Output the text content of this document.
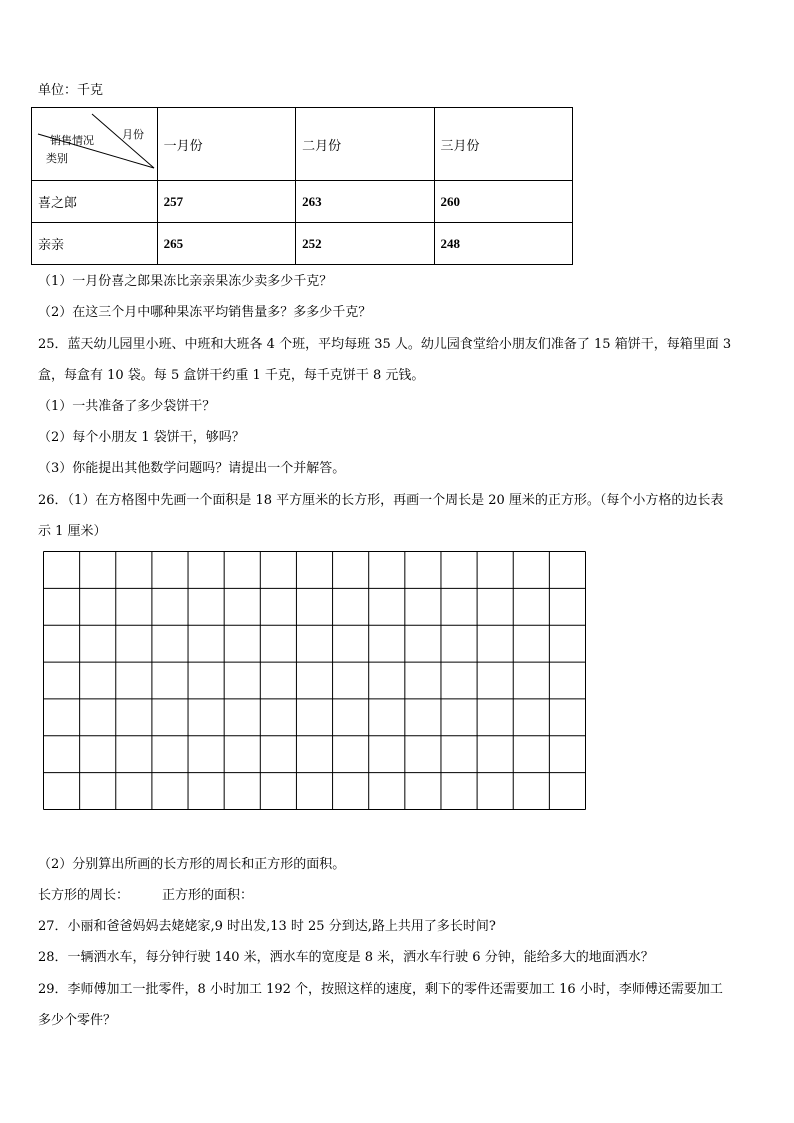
单位：千克
销售情况 月份
类别	一月份	二月份	三月份
喜之郎	257	263	260
亲亲	265	252	248
（1）一月份喜之郎果冻比亲亲果冻少卖多少千克？
（2）在这三个月中哪种果冻平均销售量多？多多少千克？
25．蓝天幼儿园里小班、中班和大班各 4 个班，平均每班 35 人。幼儿园食堂给小朋友们准备了 15 箱饼干，每箱里面 3
盒，每盒有 10 袋。每 5 盒饼干约重 1 千克，每千克饼干 8 元钱。
（1）一共准备了多少袋饼干？
（2）每个小朋友 1 袋饼干，够吗？
（3）你能提出其他数学问题吗？请提出一个并解答。
26．（1）在方格图中先画一个面积是 18 平方厘米的长方形，再画一个周长是 20 厘米的正方形。（每个小方格的边长表
示 1 厘米）
（2）分别算出所画的长方形的周长和正方形的面积。
长方形的周长：        正方形的面积：
27．小丽和爸爸妈妈去姥姥家,9 时出发,13 时 25 分到达,路上共用了多长时间?
28．一辆洒水车，每分钟行驶 140 米，洒水车的宽度是 8 米，洒水车行驶 6 分钟，能给多大的地面洒水？
29．李师傅加工一批零件，8 小时加工 192 个，按照这样的速度，剩下的零件还需要加工 16 小时，李师傅还需要加工
多少个零件？
